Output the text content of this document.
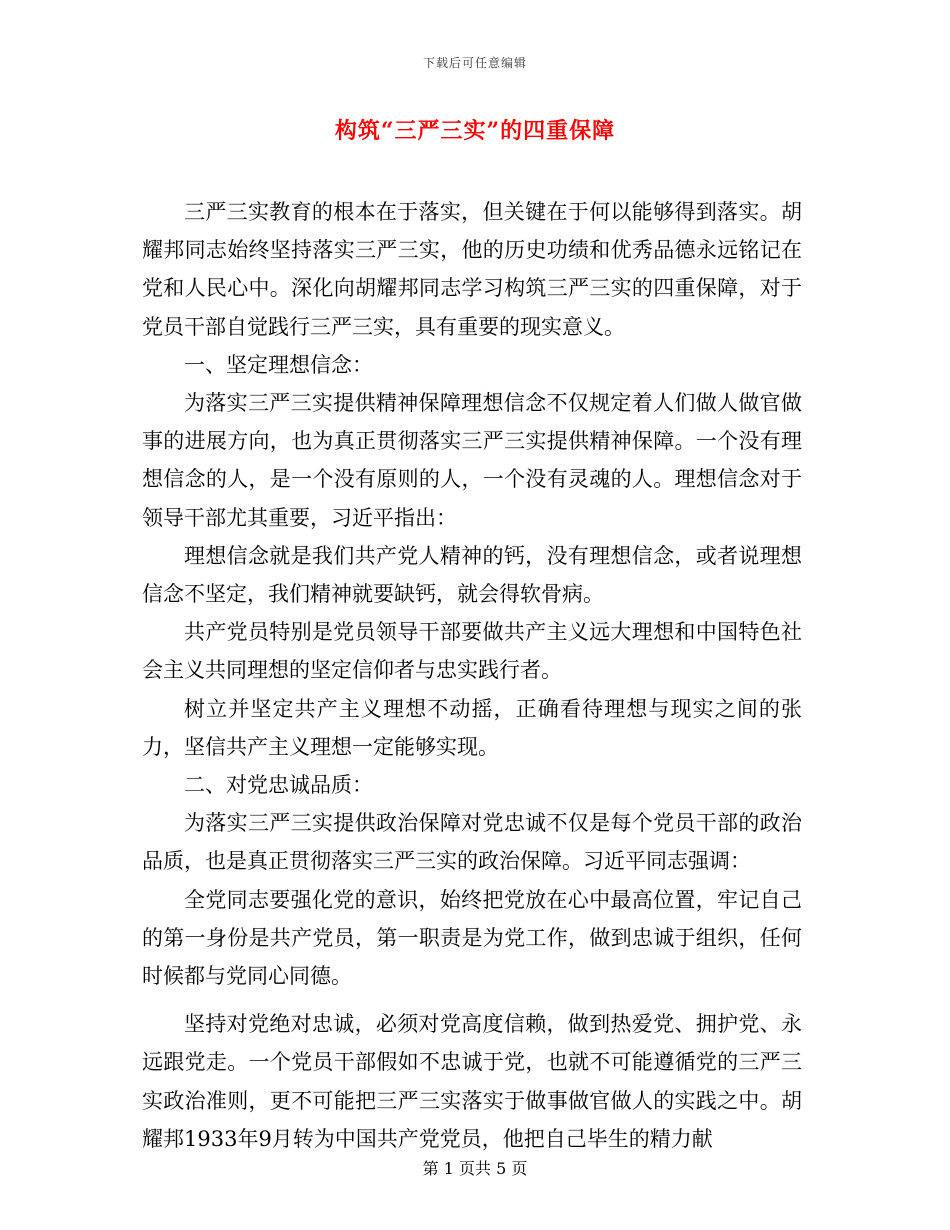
下载后可任意编辑
构筑“三严三实”的四重保障

三严三实教育的根本在于落实，但关键在于何以能够得到落实。胡耀邦同志始终坚持落实三严三实，他的历史功绩和优秀品德永远铭记在党和人民心中。深化向胡耀邦同志学习构筑三严三实的四重保障，对于党员干部自觉践行三严三实，具有重要的现实意义。

一、坚定理想信念：

为落实三严三实提供精神保障理想信念不仅规定着人们做人做官做事的进展方向，也为真正贯彻落实三严三实提供精神保障。一个没有理想信念的人，是一个没有原则的人，一个没有灵魂的人。理想信念对于领导干部尤其重要，习近平指出：

理想信念就是我们共产党人精神的钙，没有理想信念，或者说理想信念不坚定，我们精神就要缺钙，就会得软骨病。

共产党员特别是党员领导干部要做共产主义远大理想和中国特色社会主义共同理想的坚定信仰者与忠实践行者。

树立并坚定共产主义理想不动摇，正确看待理想与现实之间的张力，坚信共产主义理想一定能够实现。

二、对党忠诚品质：

为落实三严三实提供政治保障对党忠诚不仅是每个党员干部的政治品质，也是真正贯彻落实三严三实的政治保障。习近平同志强调：

全党同志要强化党的意识，始终把党放在心中最高位置，牢记自己的第一身份是共产党员，第一职责是为党工作，做到忠诚于组织，任何时候都与党同心同德。

坚持对党绝对忠诚，必须对党高度信赖，做到热爱党、拥护党、永远跟党走。一个党员干部假如不忠诚于党，也就不可能遵循党的三严三实政治准则，更不可能把三严三实落实于做事做官做人的实践之中。胡耀邦1933年9月转为中国共产党党员，他把自己毕生的精力献

第 1 页共 5 页
